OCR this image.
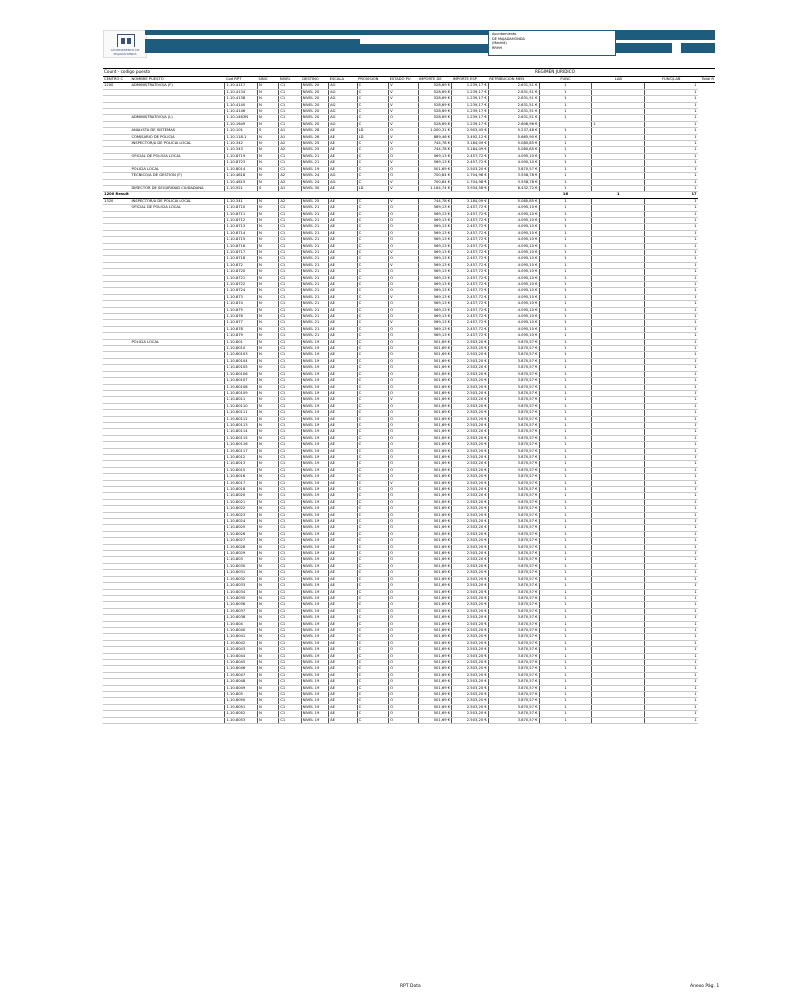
AYUNTAMIENTO DE MAJADAHONDA
Ayuntamiento
DE MAJADAHONDA
(Madrid)
RRHH
Count - codigo puesto	REGIMEN JURIDICO
CENTRO C	NOMBRE PUESTO	Cod RPT	SING	NIVEL	DESTINO	ESCALA	PROVISION	ESTADO PU	IMPORTE DE	IMPORTE ESP	RETRIBUCION MEN	FUNC	LAB	FUNC/LAB	Total R
1200	ADMINISTRATIVO/A (F)	1.10.4117	N	C1	NIVEL 20	AG	C	V	528,69 €	1.239,17 €	2.631,51 €	1		1	
		1.10.4134	N	C1	NIVEL 20	AG	C	V	528,69 €	1.239,17 €	2.631,51 €	1		1	
		1.10.4138	N	C1	NIVEL 20	AG	C	V	528,69 €	1.239,17 €	2.631,51 €	1		1	
		1.10.4140	N	C1	NIVEL 20	AG	C	V	528,69 €	1.239,17 €	2.631,51 €	1		1	
		1.10.4146	N	C1	NIVEL 20	AG	C	V	528,69 €	1.239,17 €	2.631,51 €	1		1	
	ADMINISTRATIVO/A (L)	1.10.1463N	N	C1	NIVEL 20	AG	C	O	528,69 €	1.239,17 €	2.631,51 €	1		1	
		1.10.1649	N	C1	NIVEL 20	AG	C	V	528,69 €	1.239,17 €	2.606,96 €		1	1	
	ANALISTA DE SISTEMAS	1.10.101	S	A1	NIVEL 28	AE	LD	O	1.000,31 €	2.903,45 €	5.237,48 €	1		1	
	COMISARIO DE POLICIA	1.10.118.1	N	A1	NIVEL 26	AE	LD	V	889,46 €	3.492,12 €	5.665,90 €	1		1	
	INSPECTOR/A DE POLICIA LOCAL	1.10.342	N	A2	NIVEL 25	AE	C	V	744,78 €	3.184,09 €	5.080,85 €	1		1	
		1.10.343	N	A2	NIVEL 25	AE	C	O	744,78 €	3.184,09 €	5.080,85 €	1		1	
	OFICIAL DE POLICIA LOCAL	1.10.8719	N	C1	NIVEL 21	AE	C	O	569,13 €	2.457,72 €	4.095,10 €	1		1	
		1.10.8723	N	C1	NIVEL 21	AE	C	V	569,13 €	2.457,72 €	4.095,10 €	1		1	
	POLICIA LOCAL	1.10.8014	N	C1	NIVEL 19	AE	C	O	501,69 €	2.503,20 €	3.870,57 €	1		1	
	TECNICO/A DE GESTIÓN (F)	1.10.4818	N	A2	NIVEL 24	AG	C	O	700,84 €	1.704,98 €	3.558,78 €	1		1	
		1.10.4815	N	A2	NIVEL 24	AG	C	V	700,84 €	1.704,98 €	3.558,78 €	1		1	
	DIRECTOR DE SEGURIDAD CIUDADANA	1.10.921	S	A1	NIVEL 30	AE	LD	V	1.164,74 €	3.934,58 €	6.432,72 €	1		1	
1200 Result												16	1	17	
1320	INSPECTOR/A DE POLICIA LOCAL	1.10.341	N	A2	NIVEL 25	AE	C	V	744,78 €	3.184,09 €	5.080,85 €	1		1	
	OFICIAL DE POLICIA LOCAL	1.10.8710	N	C1	NIVEL 21	AE	C	O	569,13 €	2.457,72 €	4.095,10 €	1		1	
		1.10.8711	N	C1	NIVEL 21	AE	C	O	569,13 €	2.457,72 €	4.095,10 €	1		1	
		1.10.8712	N	C1	NIVEL 21	AE	C	O	569,13 €	2.457,72 €	4.095,10 €	1		1	
		1.10.8713	N	C1	NIVEL 21	AE	C	O	569,13 €	2.457,72 €	4.095,10 €	1		1	
		1.10.8714	N	C1	NIVEL 21	AE	C	O	569,13 €	2.457,72 €	4.095,10 €	1		1	
		1.10.8715	N	C1	NIVEL 21	AE	C	O	569,13 €	2.457,72 €	4.095,10 €	1		1	
		1.10.8716	N	C1	NIVEL 21	AE	C	O	569,13 €	2.457,72 €	4.095,10 €	1		1	
		1.10.8717	N	C1	NIVEL 21	AE	C	V	569,13 €	2.457,72 €	4.095,10 €	1		1	
		1.10.8718	N	C1	NIVEL 21	AE	C	O	569,13 €	2.457,72 €	4.095,10 €	1		1	
		1.10.872	N	C1	NIVEL 21	AE	C	V	569,13 €	2.457,72 €	4.095,10 €	1		1	
		1.10.8720	N	C1	NIVEL 21	AE	C	O	569,13 €	2.457,72 €	4.095,10 €	1		1	
		1.10.8721	N	C1	NIVEL 21	AE	C	O	569,13 €	2.457,72 €	4.095,10 €	1		1	
		1.10.8722	N	C1	NIVEL 21	AE	C	O	569,13 €	2.457,72 €	4.095,10 €	1		1	
		1.10.8724	N	C1	NIVEL 21	AE	C	O	569,13 €	2.457,72 €	4.095,10 €	1		1	
		1.10.873	N	C1	NIVEL 21	AE	C	V	569,13 €	2.457,72 €	4.095,10 €	1		1	
		1.10.874	N	C1	NIVEL 21	AE	C	O	569,13 €	2.457,72 €	4.095,10 €	1		1	
		1.10.875	N	C1	NIVEL 21	AE	C	O	569,13 €	2.457,72 €	4.095,10 €	1		1	
		1.10.876	N	C1	NIVEL 21	AE	C	O	569,13 €	2.457,72 €	4.095,10 €	1		1	
		1.10.877	N	C1	NIVEL 21	AE	C	V	569,13 €	2.457,72 €	4.095,10 €	1		1	
		1.10.878	N	C1	NIVEL 21	AE	C	O	569,13 €	2.457,72 €	4.095,10 €	1		1	
		1.10.879	N	C1	NIVEL 21	AE	C	O	569,13 €	2.457,72 €	4.095,10 €	1		1	
	POLICIA LOCAL	1.10.801	N	C1	NIVEL 19	AE	C	O	501,69 €	2.503,20 €	3.870,57 €	1		1	
		1.10.8010	N	C1	NIVEL 19	AE	C	O	501,69 €	2.503,20 €	3.870,57 €	1		1	
		1.10.80103	N	C1	NIVEL 19	AE	C	O	501,69 €	2.503,20 €	3.870,57 €	1		1	
		1.10.80104	N	C1	NIVEL 19	AE	C	O	501,69 €	2.503,20 €	3.870,57 €	1		1	
		1.10.80105	N	C1	NIVEL 19	AE	C	O	501,69 €	2.503,20 €	3.870,57 €	1		1	
		1.10.80106	N	C1	NIVEL 19	AE	C	O	501,69 €	2.503,20 €	3.870,57 €	1		1	
		1.10.80107	N	C1	NIVEL 19	AE	C	O	501,69 €	2.503,20 €	3.870,57 €	1		1	
		1.10.80108	N	C1	NIVEL 19	AE	C	O	501,69 €	2.503,20 €	3.870,57 €	1		1	
		1.10.80109	N	C1	NIVEL 19	AE	C	O	501,69 €	2.503,20 €	3.870,57 €	1		1	
		1.10.8011	N	C1	NIVEL 19	AE	C	V	501,69 €	2.503,20 €	3.870,57 €	1		1	
		1.10.80110	N	C1	NIVEL 19	AE	C	O	501,69 €	2.503,20 €	3.870,57 €	1		1	
		1.10.80111	N	C1	NIVEL 19	AE	C	O	501,69 €	2.503,20 €	3.870,57 €	1		1	
		1.10.80112	N	C1	NIVEL 19	AE	C	O	501,69 €	2.503,20 €	3.870,57 €	1		1	
		1.10.80113	N	C1	NIVEL 19	AE	C	O	501,69 €	2.503,20 €	3.870,57 €	1		1	
		1.10.80114	N	C1	NIVEL 19	AE	C	O	501,69 €	2.503,20 €	3.870,57 €	1		1	
		1.10.80115	N	C1	NIVEL 19	AE	C	O	501,69 €	2.503,20 €	3.870,57 €	1		1	
		1.10.80116	N	C1	NIVEL 19	AE	C	O	501,69 €	2.503,20 €	3.870,57 €	1		1	
		1.10.80117	N	C1	NIVEL 19	AE	C	O	501,69 €	2.503,20 €	3.870,57 €	1		1	
		1.10.8012	N	C1	NIVEL 19	AE	C	O	501,69 €	2.503,20 €	3.870,57 €	1		1	
		1.10.8013	N	C1	NIVEL 19	AE	C	O	501,69 €	2.503,20 €	3.870,57 €	1		1	
		1.10.8015	N	C1	NIVEL 19	AE	C	O	501,69 €	2.503,20 €	3.870,57 €	1		1	
		1.10.8016	N	C1	NIVEL 19	AE	C	O	501,69 €	2.503,20 €	3.870,57 €	1		1	
		1.10.8017	N	C1	NIVEL 19	AE	C	V	501,69 €	2.503,20 €	3.870,57 €	1		1	
		1.10.8018	N	C1	NIVEL 19	AE	C	O	501,69 €	2.503,20 €	3.870,57 €	1		1	
		1.10.8020	N	C1	NIVEL 19	AE	C	O	501,69 €	2.503,20 €	3.870,57 €	1		1	
		1.10.8021	N	C1	NIVEL 19	AE	C	O	501,69 €	2.503,20 €	3.870,57 €	1		1	
		1.10.8022	N	C1	NIVEL 19	AE	C	O	501,69 €	2.503,20 €	3.870,57 €	1		1	
		1.10.8023	N	C1	NIVEL 19	AE	C	O	501,69 €	2.503,20 €	3.870,57 €	1		1	
		1.10.8024	N	C1	NIVEL 19	AE	C	O	501,69 €	2.503,20 €	3.870,57 €	1		1	
		1.10.8025	N	C1	NIVEL 19	AE	C	O	501,69 €	2.503,20 €	3.870,57 €	1		1	
		1.10.8026	N	C1	NIVEL 19	AE	C	O	501,69 €	2.503,20 €	3.870,57 €	1		1	
		1.10.8027	N	C1	NIVEL 19	AE	C	O	501,69 €	2.503,20 €	3.870,57 €	1		1	
		1.10.8028	N	C1	NIVEL 19	AE	C	O	501,69 €	2.503,20 €	3.870,57 €	1		1	
		1.10.8029	N	C1	NIVEL 19	AE	C	O	501,69 €	2.503,20 €	3.870,57 €	1		1	
		1.10.803	N	C1	NIVEL 19	AE	C	O	501,69 €	2.503,20 €	3.870,57 €	1		1	
		1.10.8030	N	C1	NIVEL 19	AE	C	O	501,69 €	2.503,20 €	3.870,57 €	1		1	
		1.10.8031	N	C1	NIVEL 19	AE	C	O	501,69 €	2.503,20 €	3.870,57 €	1		1	
		1.10.8032	N	C1	NIVEL 19	AE	C	O	501,69 €	2.503,20 €	3.870,57 €	1		1	
		1.10.8033	N	C1	NIVEL 19	AE	C	O	501,69 €	2.503,20 €	3.870,57 €	1		1	
		1.10.8034	N	C1	NIVEL 19	AE	C	O	501,69 €	2.503,20 €	3.870,57 €	1		1	
		1.10.8035	N	C1	NIVEL 19	AE	C	O	501,69 €	2.503,20 €	3.870,57 €	1		1	
		1.10.8036	N	C1	NIVEL 19	AE	C	O	501,69 €	2.503,20 €	3.870,57 €	1		1	
		1.10.8037	N	C1	NIVEL 19	AE	C	O	501,69 €	2.503,20 €	3.870,57 €	1		1	
		1.10.8038	N	C1	NIVEL 19	AE	C	O	501,69 €	2.503,20 €	3.870,57 €	1		1	
		1.10.804	N	C1	NIVEL 19	AE	C	O	501,69 €	2.503,20 €	3.870,57 €	1		1	
		1.10.8040	N	C1	NIVEL 19	AE	C	O	501,69 €	2.503,20 €	3.870,57 €	1		1	
		1.10.8041	N	C1	NIVEL 19	AE	C	O	501,69 €	2.503,20 €	3.870,57 €	1		1	
		1.10.8042	N	C1	NIVEL 19	AE	C	O	501,69 €	2.503,20 €	3.870,57 €	1		1	
		1.10.8043	N	C1	NIVEL 19	AE	C	O	501,69 €	2.503,20 €	3.870,57 €	1		1	
		1.10.8044	N	C1	NIVEL 19	AE	C	O	501,69 €	2.503,20 €	3.870,57 €	1		1	
		1.10.8045	N	C1	NIVEL 19	AE	C	O	501,69 €	2.503,20 €	3.870,57 €	1		1	
		1.10.8046	N	C1	NIVEL 19	AE	C	O	501,69 €	2.503,20 €	3.870,57 €	1		1	
		1.10.8047	N	C1	NIVEL 19	AE	C	O	501,69 €	2.503,20 €	3.870,57 €	1		1	
		1.10.8048	N	C1	NIVEL 19	AE	C	O	501,69 €	2.503,20 €	3.870,57 €	1		1	
		1.10.8049	N	C1	NIVEL 19	AE	C	O	501,69 €	2.503,20 €	3.870,57 €	1		1	
		1.10.805	N	C1	NIVEL 19	AE	C	O	501,69 €	2.503,20 €	3.870,57 €	1		1	
		1.10.8050	N	C1	NIVEL 19	AE	C	O	501,69 €	2.503,20 €	3.870,57 €	1		1	
		1.10.8051	N	C1	NIVEL 19	AE	C	O	501,69 €	2.503,20 €	3.870,57 €	1		1	
		1.10.8052	N	C1	NIVEL 19	AE	C	O	501,69 €	2.503,20 €	3.870,57 €	1		1	
		1.10.8053	N	C1	NIVEL 19	AE	C	O	501,69 €	2.503,20 €	3.870,57 €	1		1	
RPT Dota	Anexo Pág. 1
